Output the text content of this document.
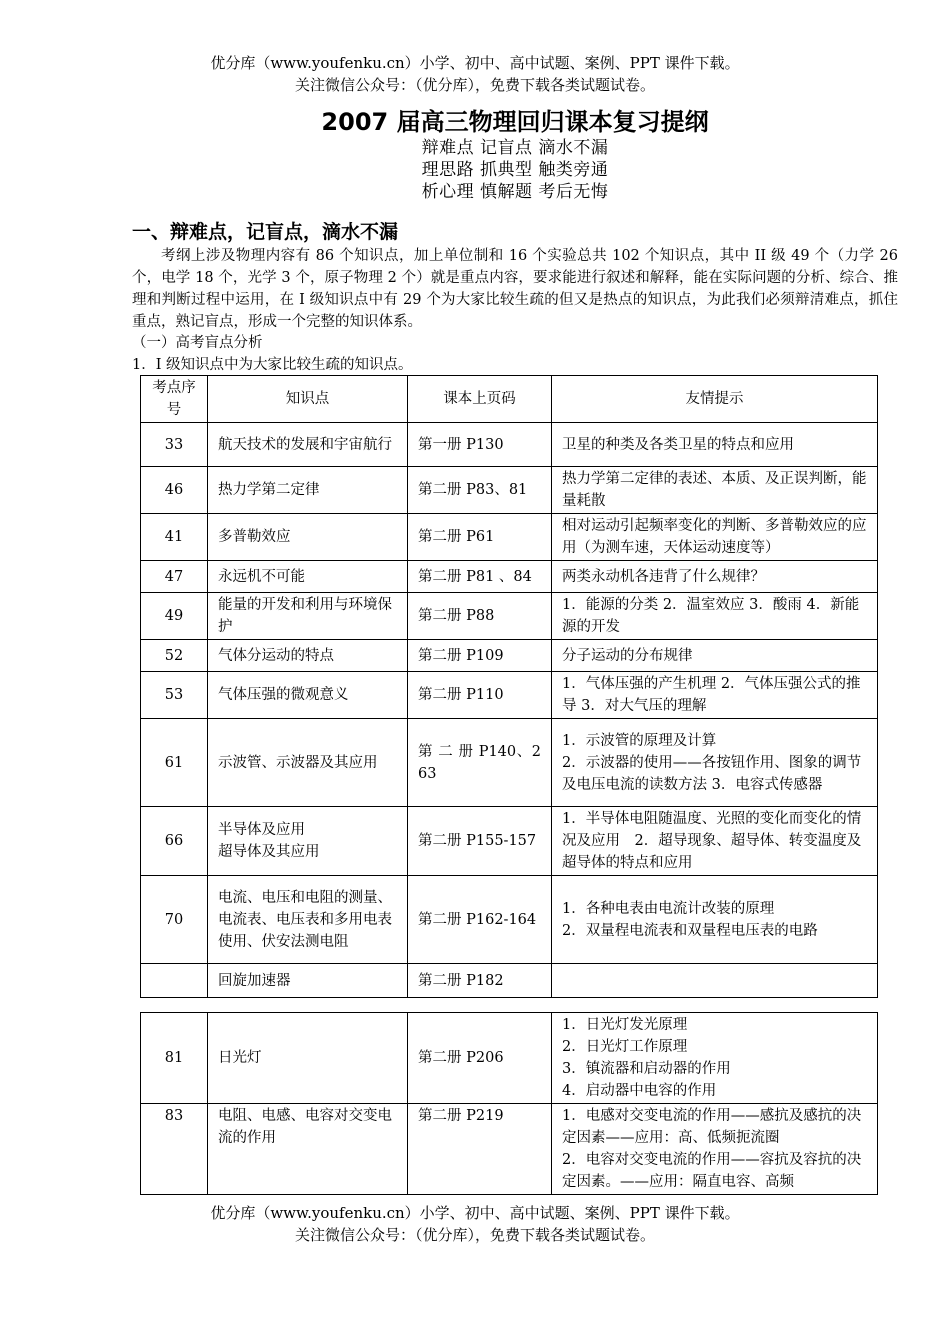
优分库（www.youfenku.cn）小学、初中、高中试题、案例、PPT 课件下载。
关注微信公众号：（优分库），免费下载各类试题试卷。
2007 届高三物理回归课本复习提纲
辩难点 记盲点 滴水不漏
理思路 抓典型 触类旁通
析心理 慎解题 考后无悔
一、辩难点，记盲点，滴水不漏
考纲上涉及物理内容有 86 个知识点，加上单位制和 16 个实验总共 102 个知识点，其中 II 级 49 个（力学 26 个，电学 18 个，光学 3 个，原子物理 2 个）就是重点内容，要求能进行叙述和解释，能在实际问题的分析、综合、推理和判断过程中运用，在 I 级知识点中有 29 个为大家比较生疏的但又是热点的知识点，为此我们必须辩清难点，抓住重点，熟记盲点，形成一个完整的知识体系。
（一）高考盲点分析
1．I 级知识点中为大家比较生疏的知识点。
考点序号	知识点	课本上页码	友情提示
33	航天技术的发展和宇宙航行	第一册 P130	卫星的种类及各类卫星的特点和应用

46	热力学第二定律	第二册 P83、81	热力学第二定律的表述、本质、及正误判断，能量耗散

41	多普勒效应	第二册 P61	相对运动引起频率变化的判断、多普勒效应的应用（为测车速，天体运动速度等）

47	永远机不可能	第二册 P81 、84	两类永动机各违背了什么规律？

49	能量的开发和利用与环境保护	第二册 P88	1．能源的分类 2．温室效应 3．酸雨 4．新能源的开发

52	气体分运动的特点	第二册 P109	分子运动的分布规律

53	气体压强的微观意义	第二册 P110	1．气体压强的产生机理 2．气体压强公式的推导 3．对大气压的理解

61	示波管、示波器及其应用	第 二 册 P140、263	1．示波管的原理及计算
2．示波器的使用——各按钮作用、图象的调节及电压电流的读数方法 3．电容式传感器

66	半导体及应用
超导体及其应用	第二册 P155-157	1．半导体电阻随温度、光照的变化而变化的情况及应用　2．超导现象、超导体、转变温度及超导体的特点和应用

70	电流、电压和电阻的测量、电流表、电压表和多用电表使用、伏安法测电阻	第二册 P162-164	1．各种电表由电流计改装的原理
2．双量程电流表和双量程电压表的电路

	回旋加速器	第二册 P182	
81	日光灯	第二册 P206	1．日光灯发光原理
2．日光灯工作原理
3．镇流器和启动器的作用
4．启动器中电容的作用

83	电阻、电感、电容对交变电流的作用	第二册 P219	1．电感对交变电流的作用——感抗及感抗的决定因素——应用：高、低频扼流圈
2．电容对交变电流的作用——容抗及容抗的决定因素。——应用：隔直电容、高频
优分库（www.youfenku.cn）小学、初中、高中试题、案例、PPT 课件下载。
关注微信公众号：（优分库），免费下载各类试题试卷。
